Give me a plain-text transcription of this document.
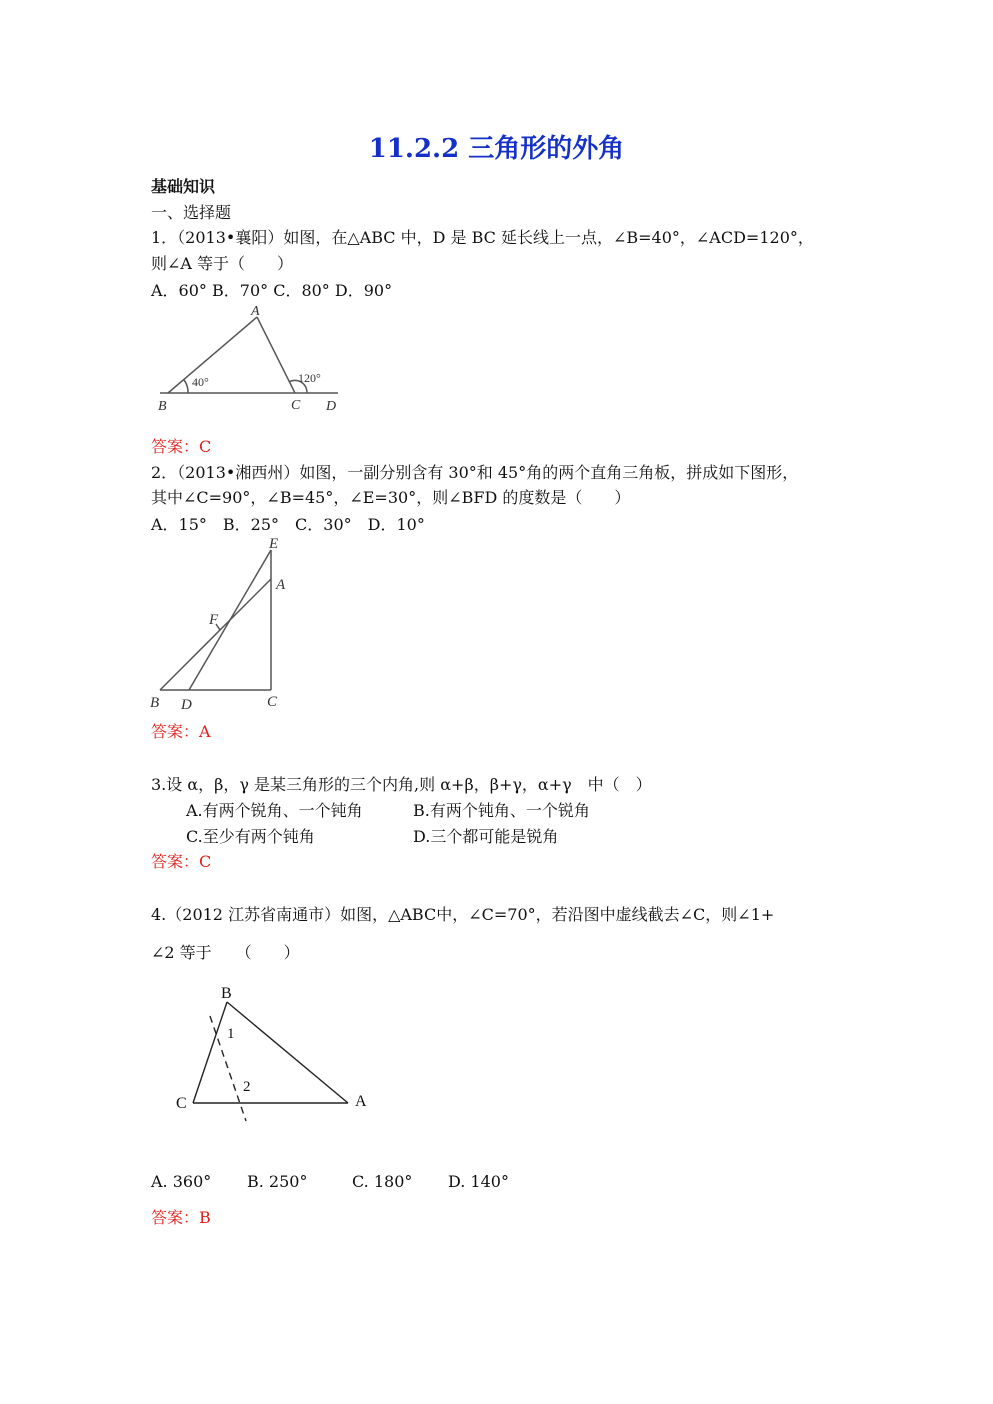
11.2.2 三角形的外角
基础知识
一、选择题
1．（2013•襄阳）如图，在△ABC 中，D 是 BC 延长线上一点，∠B=40°，∠ACD=120°，
则∠A 等于（　　）
A．60° B．70° C．80° D．90°
A
B	C D
40°	120°
答案：C
2．（2013•湘西州）如图，一副分别含有 30°和 45°角的两个直角三角板，拼成如下图形，
其中∠C=90°，∠B=45°，∠E=30°，则∠BFD 的度数是（　　）
A．15°　B．25°　C．30°　D．10°
E
A
F
B D	C
答案：A
3.设 α，β，γ 是某三角形的三个内角,则 α+β，β+γ，α+γ　中（　）
A.有两个锐角、一个钝角	B.有两个钝角、一个锐角
C.至少有两个钝角	D.三个都可能是锐角
答案：C
4.（2012 江苏省南通市）如图，△ABC中，∠C=70°，若沿图中虚线截去∠C，则∠1+
∠2 等于　　（　　）
B
C	A
1
2
A. 360° B. 250°	C. 180° D. 140°
答案：B
